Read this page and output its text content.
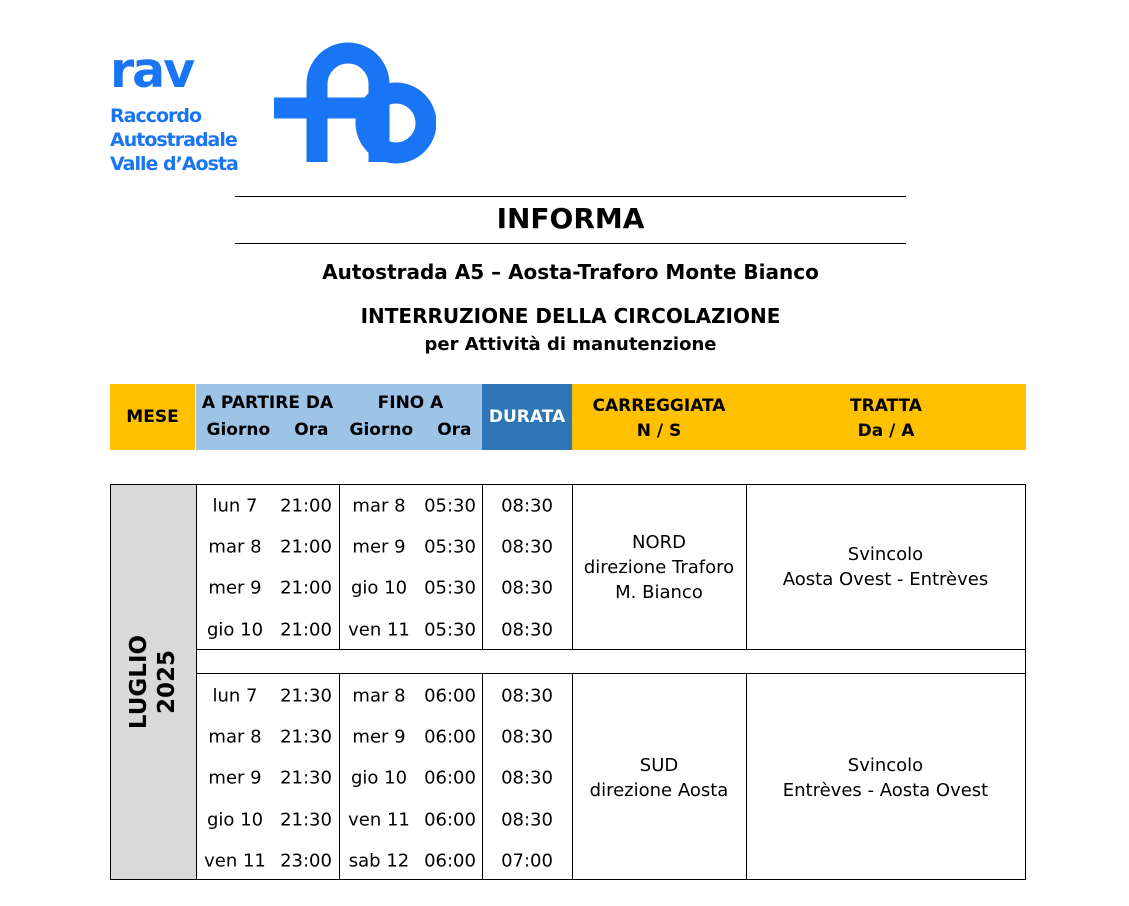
rav
Raccordo
Autostradale
Valle d’Aosta
INFORMA
Autostrada A5 – Aosta-Traforo Monte Bianco
INTERRUZIONE DELLA CIRCOLAZIONE
per Attività di manutenzione
MESE
A PARTIRE DA
Giorno Ora
FINO A
Giorno Ora
DURATA
CARREGGIATA
N / S
TRATTA
Da / A
LUGLIO 2025
lun 7 21:00 mar 8 05:30 08:30
mar 8 21:00 mer 9 05:30 08:30
mer 9 21:00 gio 10 05:30 08:30
gio 10 21:00 ven 11 05:30 08:30
lun 7 21:30 mar 8 06:00 08:30
mar 8 21:30 mer 9 06:00 08:30
mer 9 21:30 gio 10 06:00 08:30
gio 10 21:30 ven 11 06:00 08:30
ven 11 23:00 sab 12 06:00 07:00
NORD
direzione Traforo
M. Bianco
Svincolo
Aosta Ovest - Entrèves
SUD
direzione Aosta
Svincolo
Entrèves - Aosta Ovest
